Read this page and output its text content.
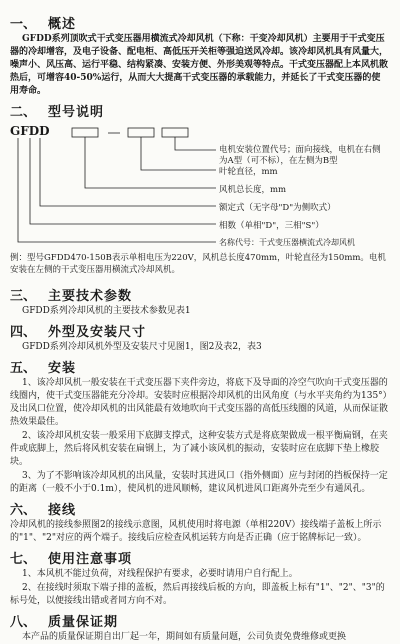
一、 概述
GFDD系列顶吹式干式变压器用横流式冷却风机（下称：干变冷却风机）主要用于干式变压器的冷却增容，及电子设备、配电柜、高低压开关柜等强迫送风冷却。该冷却风机具有风量大，噪声小、风压高、运行平稳、结构紧凑、安装方便、外形美观等特点。干式变压器配上本风机散热后，可增容40-50%运行，从而大大提高干式变压器的承载能力，并延长了干式变压器的使用寿命。
二、 型号说明
GFDD
电机安装位置代号；面向接线，电机在右侧为A型（可不标），在左侧为B型
叶轮直径，mm
风机总长度，mm
额定式（无字母"D"为侧吹式）
相数（单相"D"，三相"S"）
名称代号：干式变压器横流式冷却风机
例：型号GFDD470-150B表示单相电压为220V，风机总长度470mm，叶轮直径为150mm。电机安装在左侧的干式变压器用横流式冷却风机。
三、 主要技术参数
GFDD系列冷却风机的主要技术参数见表1
四、 外型及安装尺寸
GFDD系列冷却风机外型及安装尺寸见图1，图2及表2，表3
五、 安装
1、该冷却风机一般安装在干式变压器下夹件旁边，将底下及导面的冷空气吹向干式变压器的线圈内，使干式变压器能充分冷却。安装时应根据冷却风机的出风角度（与水平夹角约为135°）及出风口位置，使冷却风机的出风能最有效地吹向干式变压器的高低压线圈的风道，从而保证散热效果最佳。
2、该冷却风机安装一般采用下底脚支撑式，这种安装方式是将底架做成一根平衡扁钢，在夹件或底脚上，然后将风机安装在扁钢上，为了减小该风机的振动，安装时应在底脚下垫上橡胶块。
3、为了不影响该冷却风机的出风量，安装时其进风口（指外侧面）应与封闭的挡板保持一定的距离（一般不小于0.1m），使风机的进风顺畅，建议风机进风口距离外壳至少有通风孔。
六、 接线
冷却风机的接线参照图2的接线示意图，风机使用时将电源（单相220V）接线端子盖板上所示的"1"、"2"对应的两个端子。接线后应检查风机运转方向是否正确（应于铭牌标记一致）。
七、 使用注意事项
1、本风机不能过负荷，对线程保护有要求，必要时请用户自行配上。
2、在接线时须取下端子排的盖板，然后再接线后板的方向，即盖板上标有"1"、"2"、"3"的标号处，以便接线出错或者同方向不对。
八、 质量保证期
本产品的质量保证期自出厂起一年，期间如有质量问题，公司负责免费维修或更换
